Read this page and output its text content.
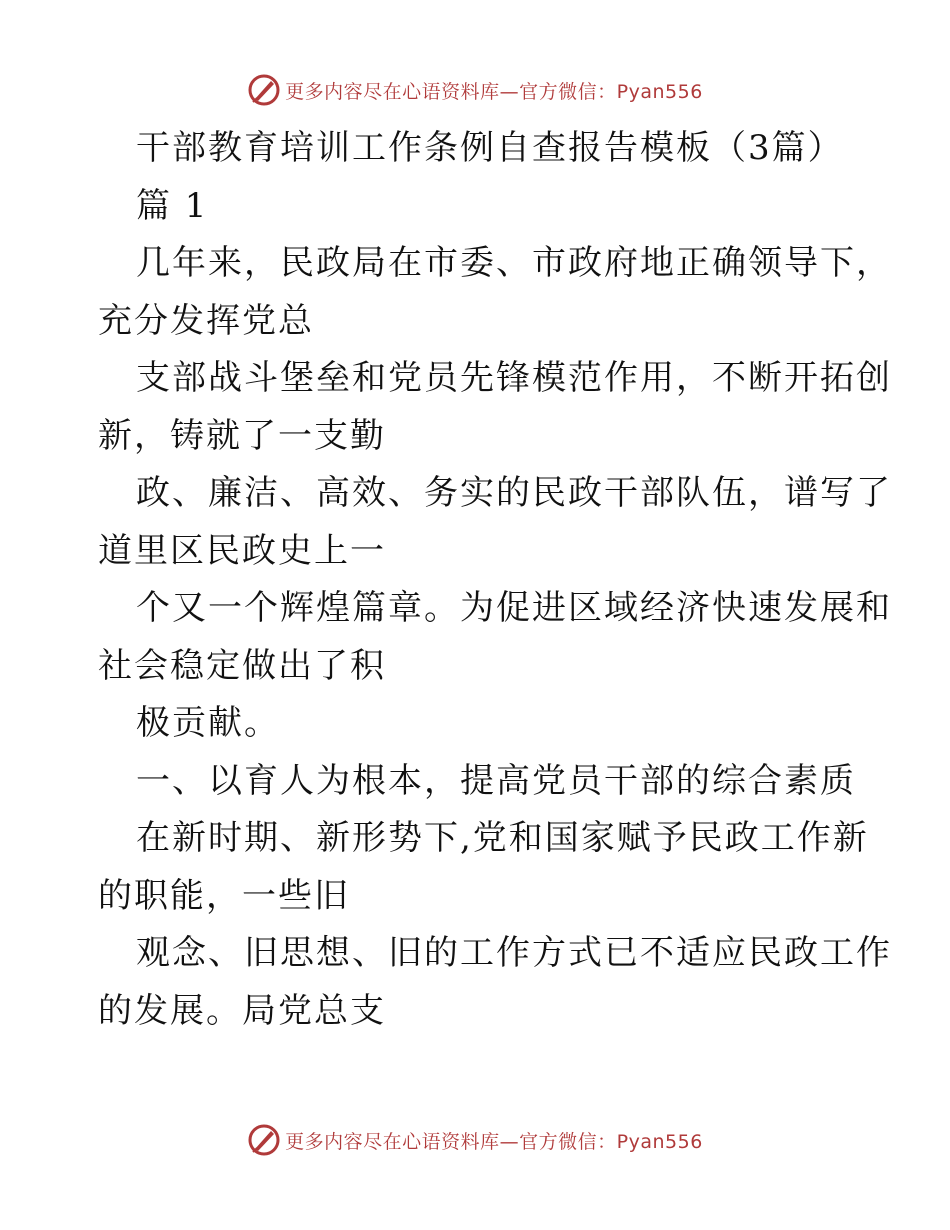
更多内容尽在心语资料库—官方微信：Pyan556
干部教育培训工作条例自查报告模板（3篇）
篇 1
几年来，民政局在市委、市政府地正确领导下，
充分发挥党总
支部战斗堡垒和党员先锋模范作用，不断开拓创
新，铸就了一支勤
政、廉洁、高效、务实的民政干部队伍，谱写了
道里区民政史上一
个又一个辉煌篇章。为促进区域经济快速发展和
社会稳定做出了积
极贡献。
一、以育人为根本，提高党员干部的综合素质
在新时期、新形势下,党和国家赋予民政工作新
的职能，一些旧
观念、旧思想、旧的工作方式已不适应民政工作
的发展。局党总支
更多内容尽在心语资料库—官方微信：Pyan556
